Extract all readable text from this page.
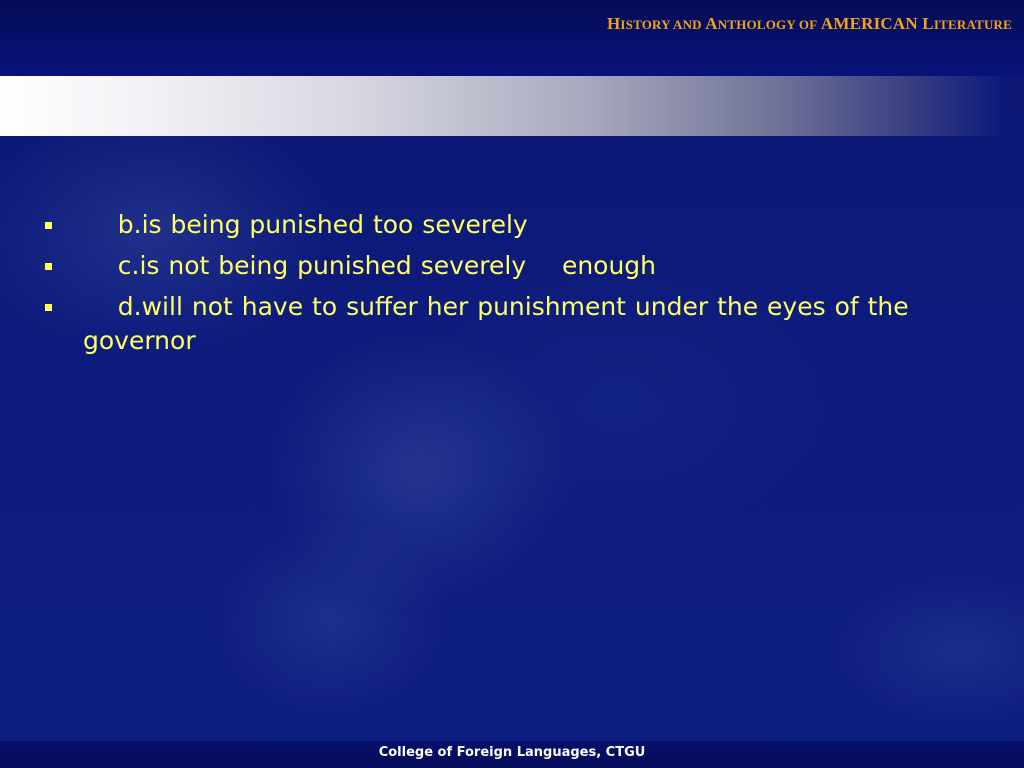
HISTORY AND ANTHOLOGY OF AMERICAN LITERATURE
b.is being punished too severely
c.is not being punished severely    enough
d.will not have to suffer her punishment under the eyes of the governor
College of Foreign Languages, CTGU
